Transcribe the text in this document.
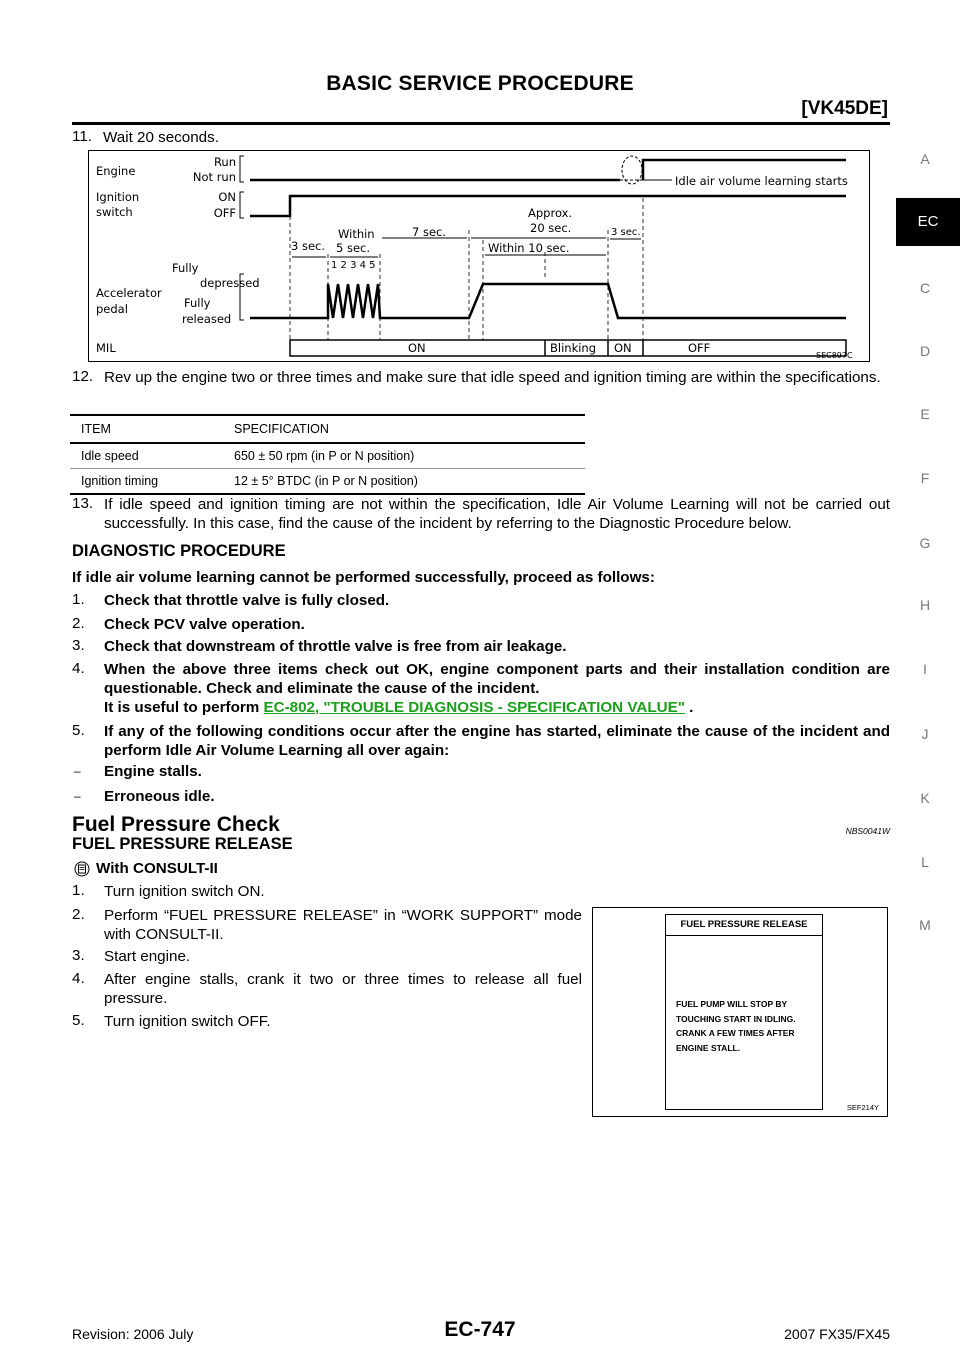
BASIC SERVICE PROCEDURE
[VK45DE]
A
EC
C
D
E
F
G
H
I
J
K
L
M
11. Wait 20 seconds.
Engine
Ignition
switch
Accelerator
pedal
MIL
Run
Not run
ON
OFF
Fully
depressed
Fully
released
Idle air volume learning starts
3 sec.
Within
5 sec.
1 2 3 4 5
7 sec.
Approx.
20 sec.
Within 10 sec.
3 sec.
ON	Blinking ON	OFF
SEC897C
12. Rev up the engine two or three times and make sure that idle speed and ignition timing are within the specifications.
ITEM	SPECIFICATION
Idle speed	650 ± 50 rpm (in P or N position)
Ignition timing	12 ± 5° BTDC (in P or N position)
13. If idle speed and ignition timing are not within the specification, Idle Air Volume Learning will not be carried out successfully. In this case, find the cause of the incident by referring to the Diagnostic Procedure below.
DIAGNOSTIC PROCEDURE
If idle air volume learning cannot be performed successfully, proceed as follows:
1. Check that throttle valve is fully closed.
2. Check PCV valve operation.
3. Check that downstream of throttle valve is free from air leakage.
4. When the above three items check out OK, engine component parts and their installation condition are questionable. Check and eliminate the cause of the incident.
It is useful to perform EC-802, "TROUBLE DIAGNOSIS - SPECIFICATION VALUE" .
5. If any of the following conditions occur after the engine has started, eliminate the cause of the incident and perform Idle Air Volume Learning all over again:
– Engine stalls.
– Erroneous idle.
Fuel Pressure Check	NBS0041W
FUEL PRESSURE RELEASE
With CONSULT-II
1. Turn ignition switch ON.
2. Perform “FUEL PRESSURE RELEASE” in “WORK SUPPORT” mode with CONSULT-II.
3. Start engine.
4. After engine stalls, crank it two or three times to release all fuel pressure.
5. Turn ignition switch OFF.
FUEL PRESSURE RELEASE
FUEL PUMP WILL STOP BY
TOUCHING START IN IDLING.
CRANK A FEW TIMES AFTER
ENGINE STALL.
SEF214Y
Revision: 2006 July	EC-747	2007 FX35/FX45
